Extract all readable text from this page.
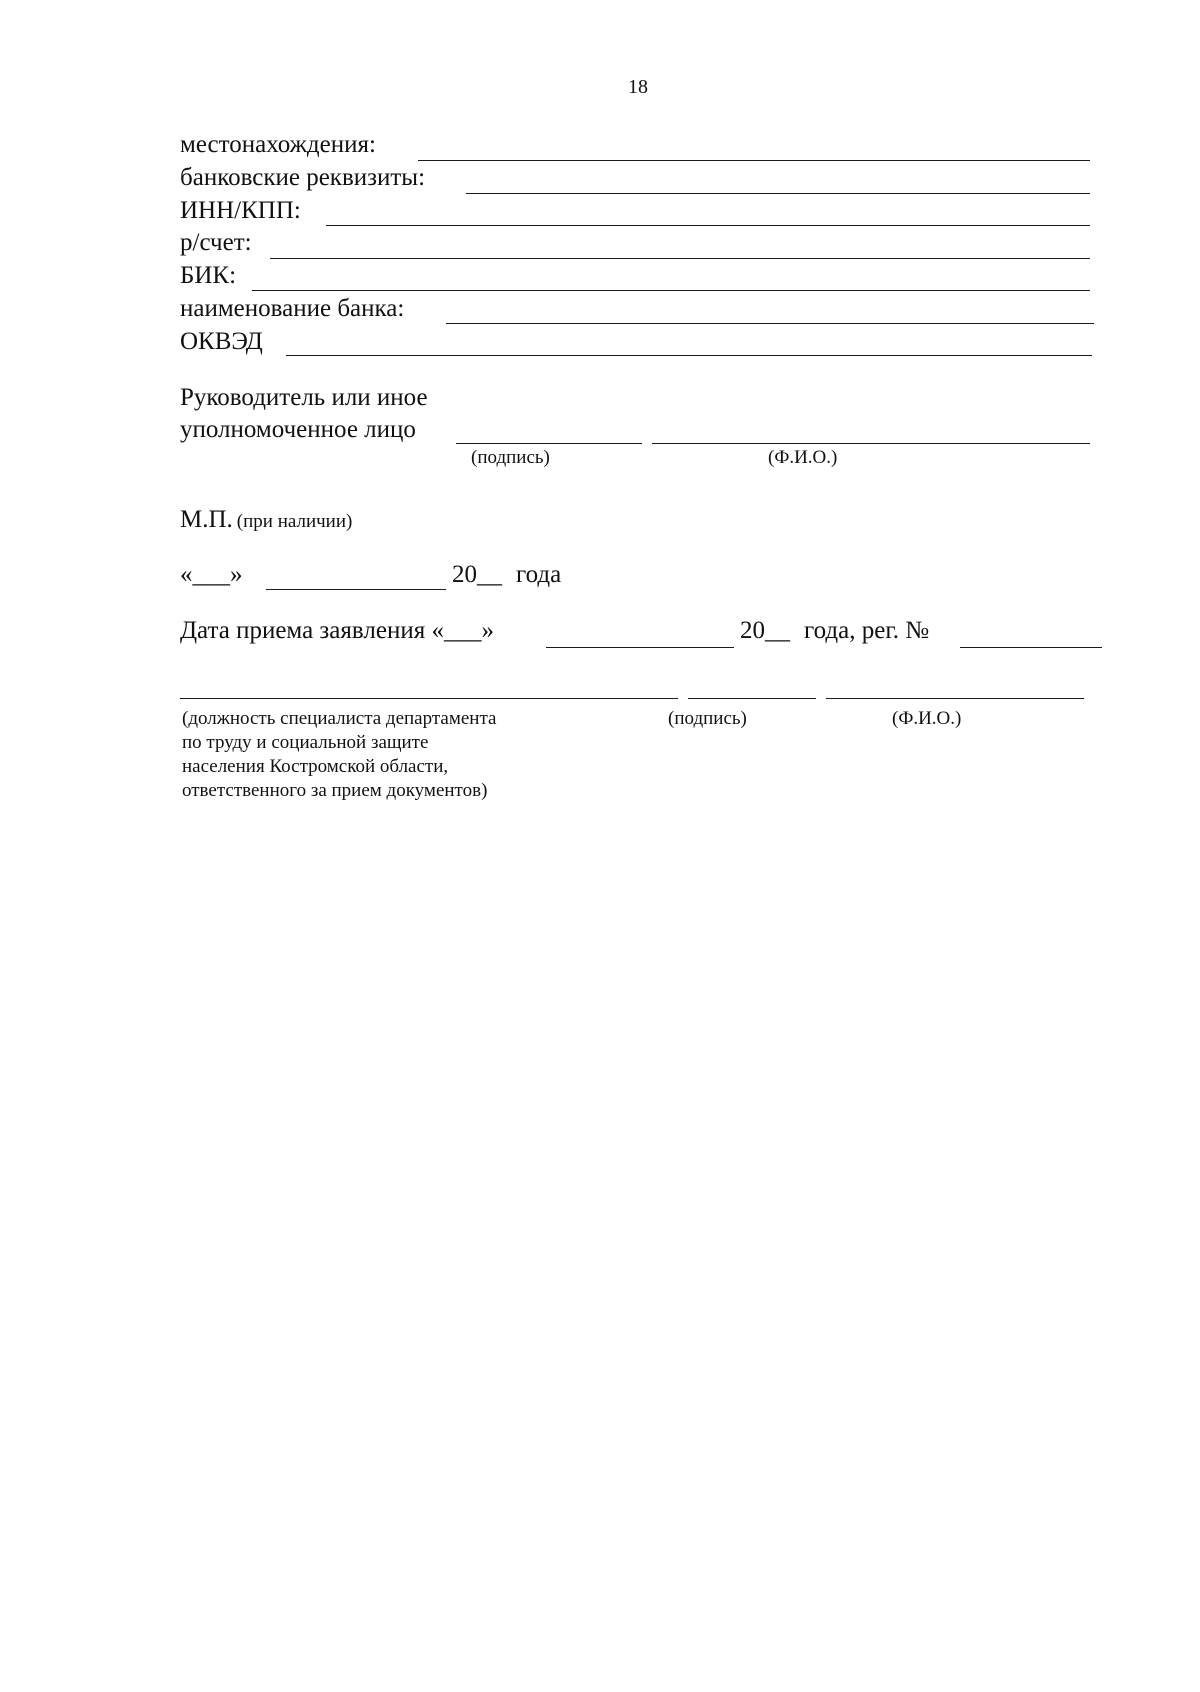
18
местонахождения:
банковские реквизиты:
ИНН/КПП:
р/счет:
БИК:
наименование банка:
ОКВЭД
Руководитель или иное
уполномоченное лицо
(подпись)	(Ф.И.О.)
М.П. (при наличии)
«___»	20__ года
Дата приема заявления «___»	20__ года, рег. №
(должность специалиста департамента
по труду и социальной защите
населения Костромской области,
ответственного за прием документов)
(подпись)	(Ф.И.О.)
